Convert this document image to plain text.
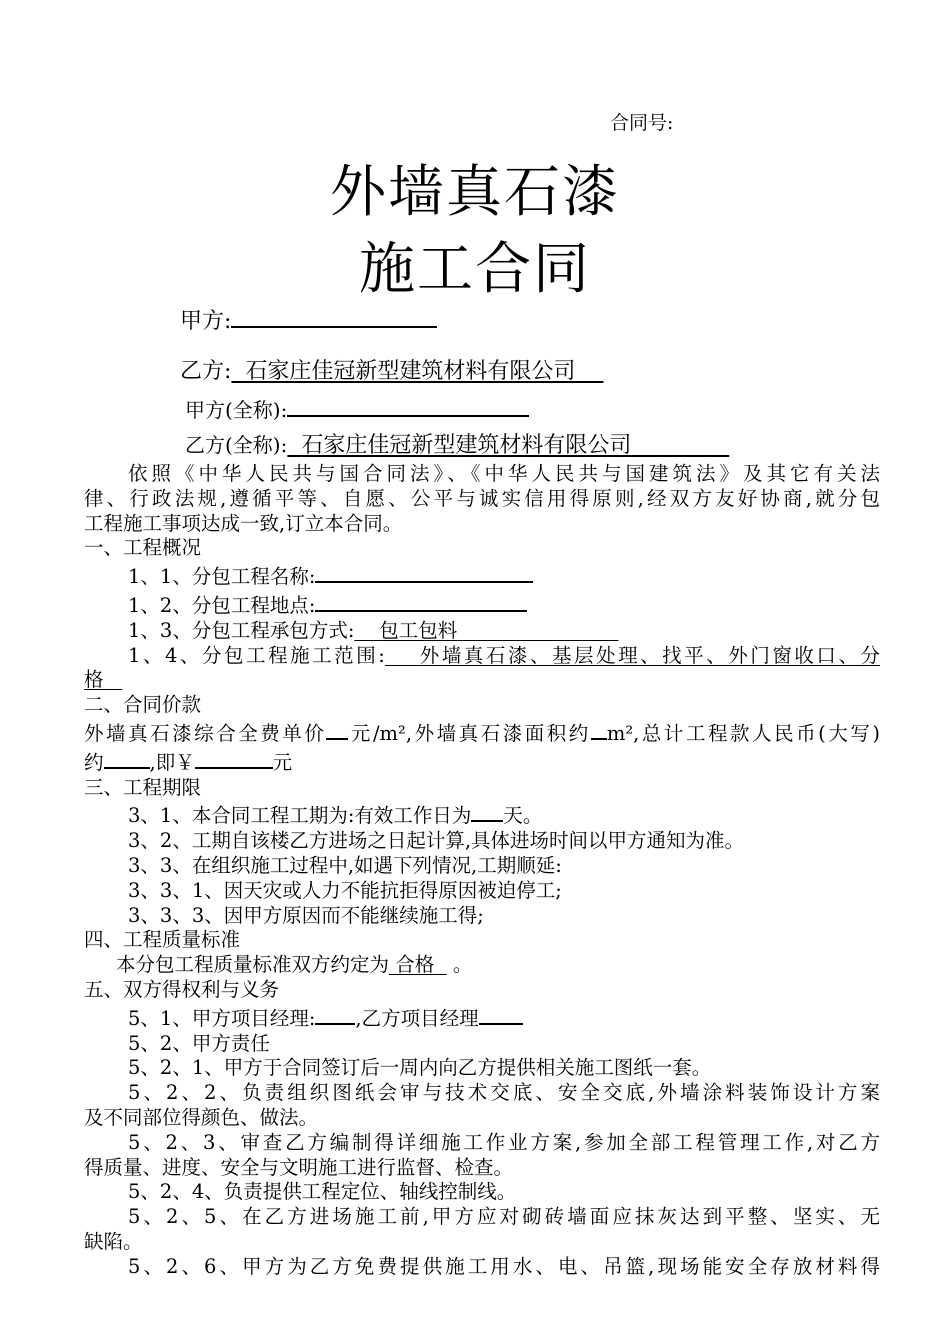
合同号:
外墙真石漆
施工合同
甲方:
乙方: 石家庄佳冠新型建筑材料有限公司
甲方(全称):
乙方(全称): 石家庄佳冠新型建筑材料有限公司

依照《中华人民共与国合同法》、《中华人民共与国建筑法》及其它有关法

律、行政法规,遵循平等、自愿、公平与诚实信用得原则,经双方友好协商,就分包

工程施工事项达成一致,订立本合同。

一、工程概况

1、1、分包工程名称:

1、2、分包工程地点:

1、3、分包工程承包方式: 包工包料

1、4、分包工程施工范围: 外墙真石漆、基层处理、找平、外门窗收口、分

格

二、合同价款

外墙真石漆综合全费单价 元/m²,外墙真石漆面积约 m²,总计工程款人民币(大写)

约 ,即￥	元

三、工程期限

3、1、本合同工程工期为:有效工作日为 天。

3、2、工期自该楼乙方进场之日起计算,具体进场时间以甲方通知为准。

3、3、在组织施工过程中,如遇下列情况,工期顺延:

3、3、1、因天灾或人力不能抗拒得原因被迫停工;

3、3、3、因甲方原因而不能继续施工得;

四、工程质量标准

本分包工程质量标准双方约定为 合格 。

五、双方得权利与义务

5、1、甲方项目经理: ,乙方项目经理

5、2、甲方责任

5、2、1、甲方于合同签订后一周内向乙方提供相关施工图纸一套。

5、2、2、负责组织图纸会审与技术交底、安全交底,外墙涂料装饰设计方案

及不同部位得颜色、做法。

5、2、3、审查乙方编制得详细施工作业方案,参加全部工程管理工作,对乙方

得质量、进度、安全与文明施工进行监督、检查。

5、2、4、负责提供工程定位、轴线控制线。

5、2、5、在乙方进场施工前,甲方应对砌砖墙面应抹灰达到平整、坚实、无

缺陷。

5、2、6、甲方为乙方免费提供施工用水、电、吊篮,现场能安全存放材料得
